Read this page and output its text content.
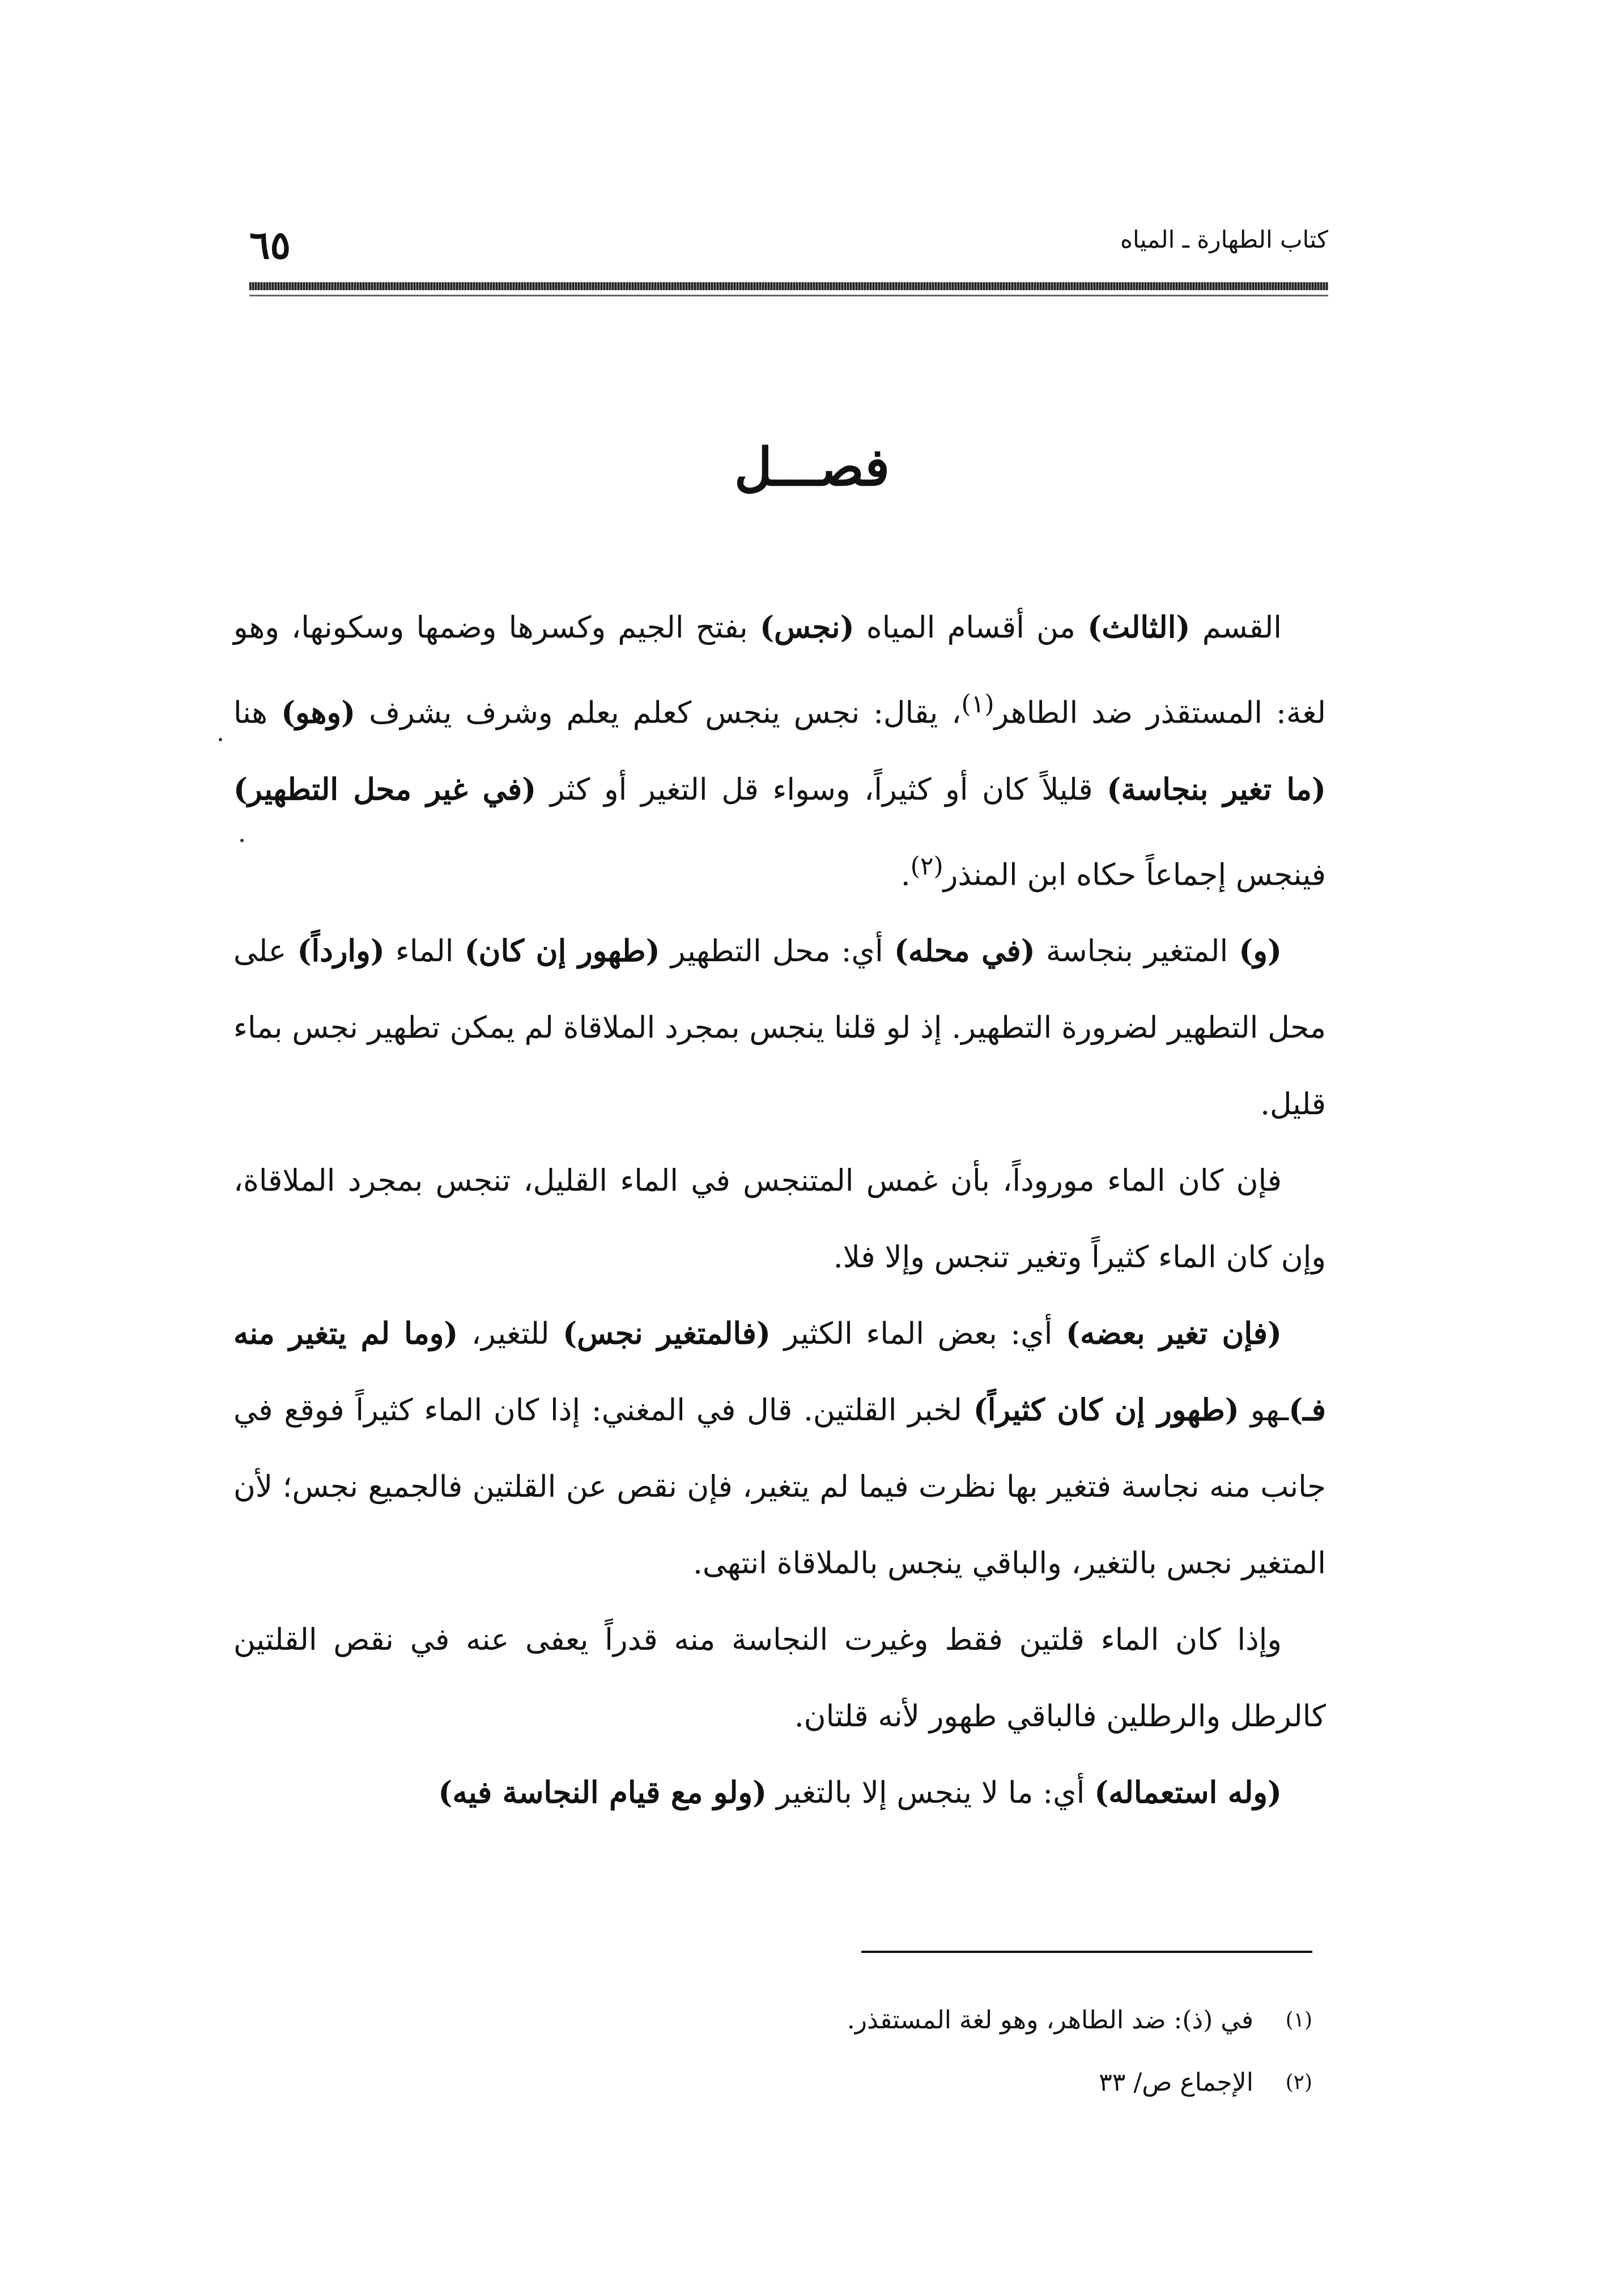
٦٥	كتاب الطهارة ـ المياه
فصـــل

القسم (الثالث) من أقسام المياه (نجس) بفتح الجيم وكسرها وضمها وسكونها، وهو لغة: المستقذر ضد الطاهر$^{(١)}$، يقال: نجس ينجس كعلم يعلم وشرف يشرف (وهو) هنا (ما تغير بنجاسة) قليلاً كان أو كثيراً، وسواء قل التغير أو كثر (في غير محل التطهير) فينجس إجماعاً حكاه ابن المنذر$^{(٢)}$.

(و) المتغير بنجاسة (في محله) أي: محل التطهير (طهور إن كان) الماء (وارداً) على محل التطهير لضرورة التطهير. إذ لو قلنا ينجس بمجرد الملاقاة لم يمكن تطهير نجس بماء قليل.

فإن كان الماء موروداً، بأن غمس المتنجس في الماء القليل، تنجس بمجرد الملاقاة، وإن كان الماء كثيراً وتغير تنجس وإلا فلا.

(فإن تغير بعضه) أي: بعض الماء الكثير (فالمتغير نجس) للتغير، (وما لم يتغير منه فـ)ـهو (طهور إن كان كثيراً) لخبر القلتين. قال في المغني: إذا كان الماء كثيراً فوقع في جانب منه نجاسة فتغير بها نظرت فيما لم يتغير، فإن نقص عن القلتين فالجميع نجس؛ لأن المتغير نجس بالتغير، والباقي ينجس بالملاقاة انتهى.

وإذا كان الماء قلتين فقط وغيرت النجاسة منه قدراً يعفى عنه في نقص القلتين كالرطل والرطلين فالباقي طهور لأنه قلتان.

(وله استعماله) أي: ما لا ينجس إلا بالتغير (ولو مع قيام النجاسة فيه)

(١)
في (ذ): ضد الطاهر، وهو لغة المستقذر.
(٢)
الإجماع ص/ ٣٣
